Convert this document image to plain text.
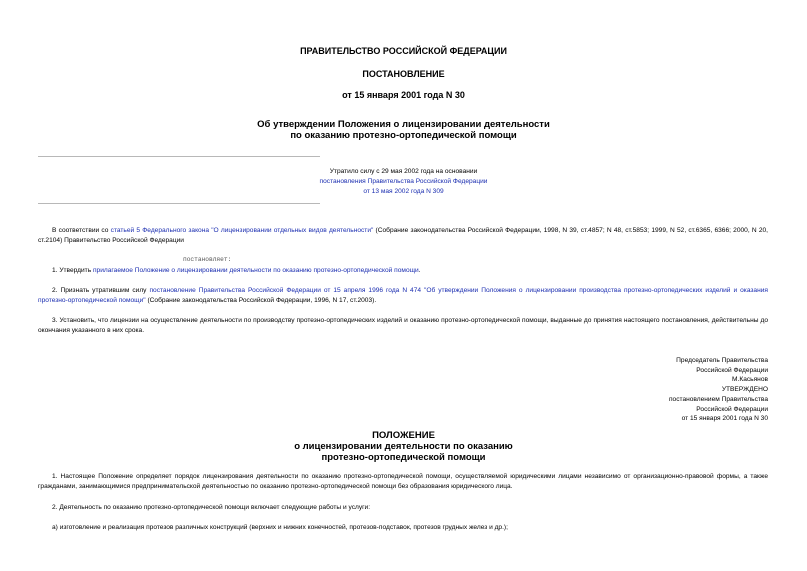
ПРАВИТЕЛЬСТВО РОССИЙСКОЙ ФЕДЕРАЦИИ
ПОСТАНОВЛЕНИЕ
от 15 января 2001 года N 30
Об утверждении Положения о лицензировании деятельности
по оказанию протезно-ортопедической помощи
Утратило силу с 29 мая 2002 года на основании
постановления Правительства Российской Федерации
от 13 мая 2002 года N 309
В соответствии со статьей 5 Федерального закона "О лицензировании отдельных видов деятельности" (Собрание законодательства Российской Федерации, 1998, N 39, ст.4857; N 48, ст.5853; 1999, N 52, ст.6365, 6366; 2000, N 20, ст.2104) Правительство Российской Федерации
постановляет:
1. Утвердить прилагаемое Положение о лицензировании деятельности по оказанию протезно-ортопедической помощи.
2. Признать утратившим силу постановление Правительства Российской Федерации от 15 апреля 1996 года N 474 "Об утверждении Положения о лицензировании производства протезно-ортопедических изделий и оказания протезно-ортопедической помощи" (Собрание законодательства Российской Федерации, 1996, N 17, ст.2003).
3. Установить, что лицензии на осуществление деятельности по производству протезно-ортопедических изделий и оказанию протезно-ортопедической помощи, выданные до принятия настоящего постановления, действительны до окончания указанного в них срока.
Председатель Правительства
Российской Федерации
М.Касьянов
УТВЕРЖДЕНО
постановлением Правительства
Российской Федерации
от 15 января 2001 года N 30
ПОЛОЖЕНИЕ
о лицензировании деятельности по оказанию
протезно-ортопедической помощи
1. Настоящее Положение определяет порядок лицензирования деятельности по оказанию протезно-ортопедической помощи, осуществляемой юридическими лицами независимо от организационно-правовой формы, а также гражданами, занимающимися предпринимательской деятельностью по оказанию протезно-ортопедической помощи без образования юридического лица.
2. Деятельность по оказанию протезно-ортопедической помощи включает следующие работы и услуги:
а) изготовление и реализация протезов различных конструкций (верхних и нижних конечностей, протезов-подставок, протезов грудных желез и др.);
